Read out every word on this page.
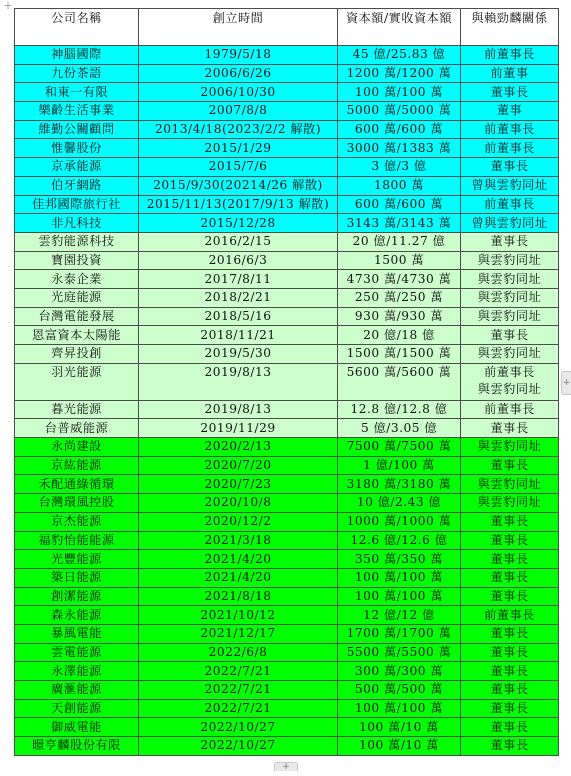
+
+
+
公司名稱	創立時間	資本額/實收資本額	與賴勁麟關係
神腦國際	1979/5/18	45 億/25.83 億	前董事長
九份茶語	2006/6/26	1200 萬/1200 萬	前董事
和東一有限	2006/10/30	100 萬/100 萬	董事長
樂齡生活事業	2007/8/8	5000 萬/5000 萬	董事
維勤公關顧問	2013/4/18(2023/2/2 解散)	600 萬/600 萬	前董事長
惟馨股份	2015/1/29	3000 萬/1383 萬	前董事長
京承能源	2015/7/6	3 億/3 億	董事長
伯牙網路	2015/9/30(20214/26 解散)	1800 萬	曾與雲豹同址
佳邦國際旅行社	2015/11/13(2017/9/13 解散)	600 萬/600 萬	前董事長
非凡科技	2015/12/28	3143 萬/3143 萬	曾與雲豹同址
雲豹能源科技	2016/2/15	20 億/11.27 億	董事長
寶園投資	2016/6/3	1500 萬	與雲豹同址
永泰企業	2017/8/11	4730 萬/4730 萬	與雲豹同址
光庭能源	2018/2/21	250 萬/250 萬	與雲豹同址
台灣電能發展	2018/5/16	930 萬/930 萬	與雲豹同址
恩富資本太陽能	2018/11/21	20 億/18 億	董事長
齊昇投創	2019/5/30	1500 萬/1500 萬	與雲豹同址
羽光能源	2019/8/13	5600 萬/5600 萬	前董事長
與雲豹同址

暮光能源	2019/8/13	12.8 億/12.8 億	前董事長
台普威能源	2019/11/29	5 億/3.05 億	董事長
永尚建設	2020/2/13	7500 萬/7500 萬	與雲豹同址
京紘能源	2020/7/20	1 億/100 萬	董事長
禾配通綠循環	2020/7/23	3180 萬/3180 萬	與雲豹同址
台灣環風控股	2020/10/8	10 億/2.43 億	與雲豹同址
京杰能源	2020/12/2	1000 萬/1000 萬	董事長
福豹怡能能源	2021/3/18	12.6 億/12.6 億	董事長
光豐能源	2021/4/20	350 萬/350 萬	董事長
築日能源	2021/4/20	100 萬/100 萬	董事長
創潔能源	2021/8/18	100 萬/100 萬	董事長
森永能源	2021/10/12	12 億/12 億	前董事長
暴風電能	2021/12/17	1700 萬/1700 萬	董事長
雲電能源	2022/6/8	5500 萬/5500 萬	董事長
永澤能源	2022/7/21	300 萬/300 萬	董事長
廣滙能源	2022/7/21	500 萬/500 萬	董事長
天創能源	2022/7/21	100 萬/100 萬	董事長
御威電能	2022/10/27	100 萬/10 萬	董事長
暻亨麟股份有限	2022/10/27	100 萬/10 萬	董事長
